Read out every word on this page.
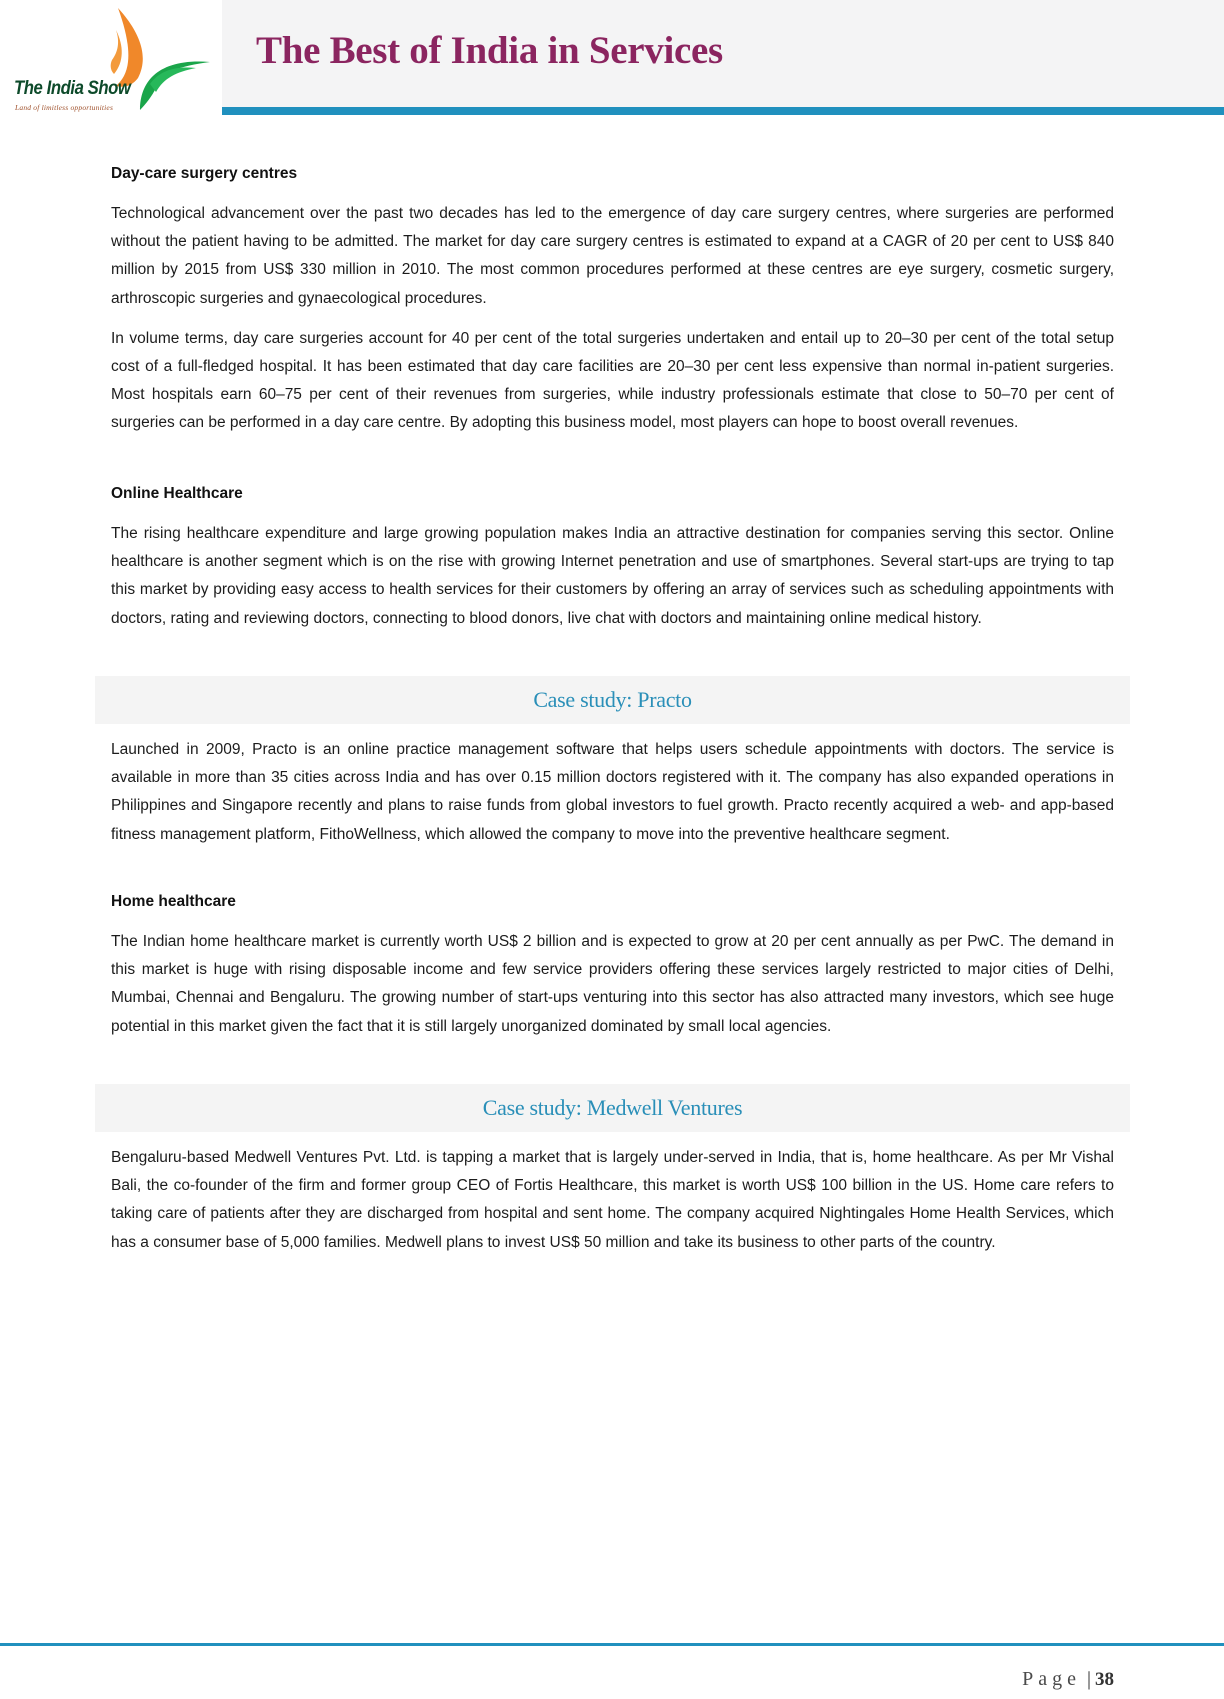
The India Show
Land of limitless opportunities
The Best of India in Services
Day-care surgery centres

Technological advancement over the past two decades has led to the emergence of day care surgery centres, where surgeries are performed without the patient having to be admitted. The market for day care surgery centres is estimated to expand at a CAGR of 20 per cent to US$ 840 million by 2015 from US$ 330 million in 2010. The most common procedures performed at these centres are eye surgery, cosmetic surgery, arthroscopic surgeries and gynaecological procedures.

In volume terms, day care surgeries account for 40 per cent of the total surgeries undertaken and entail up to 20–30 per cent of the total setup cost of a full-fledged hospital. It has been estimated that day care facilities are 20–30 per cent less expensive than normal in-patient surgeries. Most hospitals earn 60–75 per cent of their revenues from surgeries, while industry professionals estimate that close to 50–70 per cent of surgeries can be performed in a day care centre. By adopting this business model, most players can hope to boost overall revenues.

Online Healthcare

The rising healthcare expenditure and large growing population makes India an attractive destination for companies serving this sector. Online healthcare is another segment which is on the rise with growing Internet penetration and use of smartphones. Several start-ups are trying to tap this market by providing easy access to health services for their customers by offering an array of services such as scheduling appointments with doctors, rating and reviewing doctors, connecting to blood donors, live chat with doctors and maintaining online medical history.

Case study: Practo

Launched in 2009, Practo is an online practice management software that helps users schedule appointments with doctors. The service is available in more than 35 cities across India and has over 0.15 million doctors registered with it. The company has also expanded operations in Philippines and Singapore recently and plans to raise funds from global investors to fuel growth. Practo recently acquired a web- and app-based fitness management platform, FithoWellness, which allowed the company to move into the preventive healthcare segment.

Home healthcare

The Indian home healthcare market is currently worth US$ 2 billion and is expected to grow at 20 per cent annually as per PwC. The demand in this market is huge with rising disposable income and few service providers offering these services largely restricted to major cities of Delhi, Mumbai, Chennai and Bengaluru. The growing number of start-ups venturing into this sector has also attracted many investors, which see huge potential in this market given the fact that it is still largely unorganized dominated by small local agencies.

Case study: Medwell Ventures

Bengaluru-based Medwell Ventures Pvt. Ltd. is tapping a market that is largely under-served in India, that is, home healthcare. As per Mr Vishal Bali, the co-founder of the firm and former group CEO of Fortis Healthcare, this market is worth US$ 100 billion in the US. Home care refers to taking care of patients after they are discharged from hospital and sent home. The company acquired Nightingales Home Health Services, which has a consumer base of 5,000 families. Medwell plans to invest US$ 50 million and take its business to other parts of the country.

Page | 38
